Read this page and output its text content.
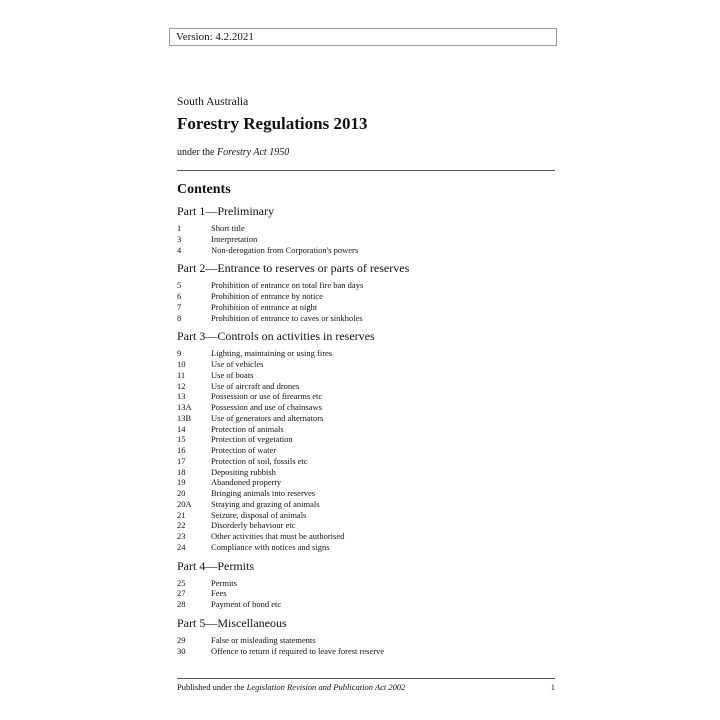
Version: 4.2.2021
South Australia
Forestry Regulations 2013
under the Forestry Act 1950
Contents
Part 1—Preliminary
1	Short title
3	Interpretation
4	Non-derogation from Corporation's powers
Part 2—Entrance to reserves or parts of reserves
5	Prohibition of entrance on total fire ban days
6	Prohibition of entrance by notice
7	Prohibition of entrance at night
8	Prohibition of entrance to caves or sinkholes
Part 3—Controls on activities in reserves
9	Lighting, maintaining or using fires
10	Use of vehicles
11	Use of boats
12	Use of aircraft and drones
13	Possession or use of firearms etc
13A	Possession and use of chainsaws
13B	Use of generators and alternators
14	Protection of animals
15	Protection of vegetation
16	Protection of water
17	Protection of soil, fossils etc
18	Depositing rubbish
19	Abandoned property
20	Bringing animals into reserves
20A	Straying and grazing of animals
21	Seizure, disposal of animals
22	Disorderly behaviour etc
23	Other activities that must be authorised
24	Compliance with notices and signs
Part 4—Permits
25	Permits
27	Fees
28	Payment of bond etc
Part 5—Miscellaneous
29	False or misleading statements
30	Offence to return if required to leave forest reserve
Published under the Legislation Revision and Publication Act 2002	1
